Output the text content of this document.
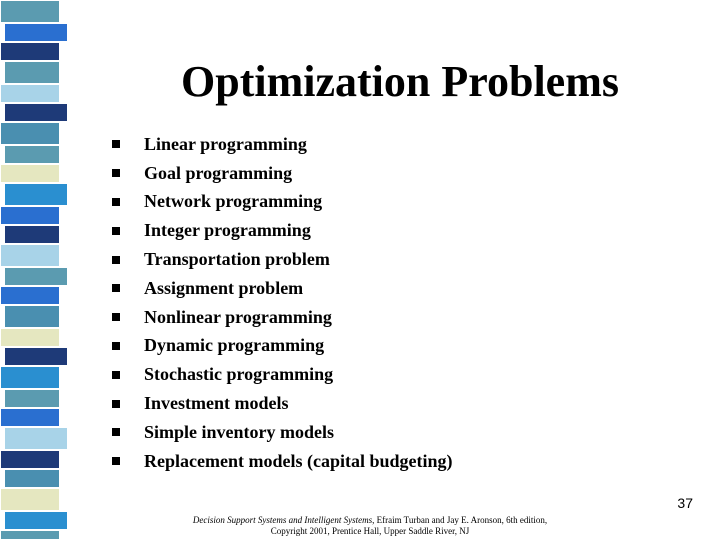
Optimization Problems
Linear programming
Goal programming
Network programming
Integer programming
Transportation problem
Assignment problem
Nonlinear programming
Dynamic programming
Stochastic programming
Investment models
Simple inventory models
Replacement models (capital budgeting)
37
Decision Support Systems and Intelligent Systems, Efraim Turban and Jay E. Aronson, 6th edition,
Copyright 2001, Prentice Hall, Upper Saddle River, NJ
